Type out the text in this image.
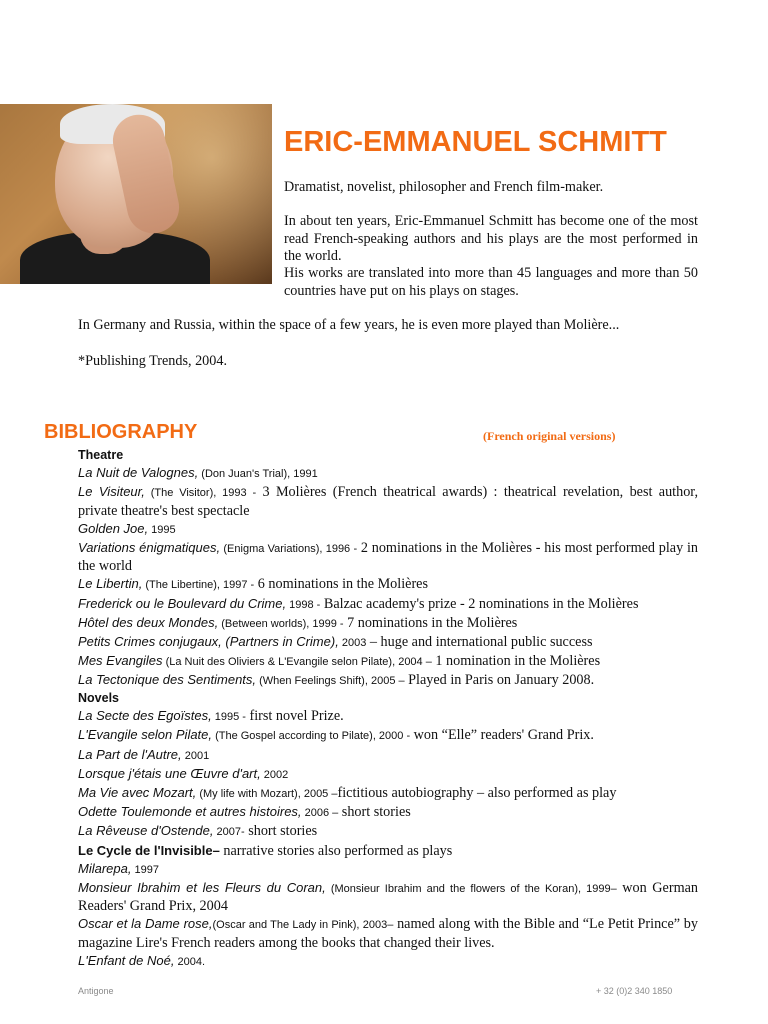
ERIC-EMMANUEL SCHMITT

Dramatist, novelist, philosopher and French film-maker.

In about ten years, Eric-Emmanuel Schmitt has become one of the most read French-speaking authors and his plays are the most performed in the world.

His works are translated into more than 45 languages and more than 50 countries have put on his plays on stages.

In Germany and Russia, within the space of a few years, he is even more played than Molière...

*Publishing Trends, 2004.

BIBLIOGRAPHY	(French original versions)

Theatre

La Nuit de Valognes, (Don Juan's Trial), 1991

Le Visiteur, (The Visitor), 1993 - 3 Molières (French theatrical awards) : theatrical revelation, best author, private theatre's best spectacle

Golden Joe, 1995

Variations énigmatiques, (Enigma Variations), 1996 - 2 nominations in the Molières - his most performed play in the world

Le Libertin, (The Libertine), 1997 - 6 nominations in the Molières

Frederick ou le Boulevard du Crime, 1998 - Balzac academy's prize - 2 nominations in the Molières

Hôtel des deux Mondes, (Between worlds), 1999 - 7 nominations in the Molières

Petits Crimes conjugaux, (Partners in Crime), 2003 – huge and international public success

Mes Evangiles (La Nuit des Oliviers & L'Evangile selon Pilate), 2004 – 1 nomination in the Molières

La Tectonique des Sentiments, (When Feelings Shift), 2005 – Played in Paris on January 2008.

Novels

La Secte des Egoïstes, 1995 - first novel Prize.

L'Evangile selon Pilate, (The Gospel according to Pilate), 2000 - won “Elle” readers' Grand Prix.

La Part de l'Autre, 2001

Lorsque j'étais une Œuvre d'art, 2002

Ma Vie avec Mozart, (My life with Mozart), 2005 –fictitious autobiography – also performed as play

Odette Toulemonde et autres histoires, 2006 – short stories

La Rêveuse d'Ostende, 2007- short stories

Le Cycle de l'Invisible– narrative stories also performed as plays

Milarepa, 1997

Monsieur Ibrahim et les Fleurs du Coran, (Monsieur Ibrahim and the flowers of the Koran), 1999– won German Readers' Grand Prix, 2004

Oscar et la Dame rose,(Oscar and The Lady in Pink), 2003– named along with the Bible and “Le Petit Prince” by magazine Lire's French readers among the books that changed their lives.

L'Enfant de Noé, 2004.

Antigone	+ 32 (0)2 340 1850
